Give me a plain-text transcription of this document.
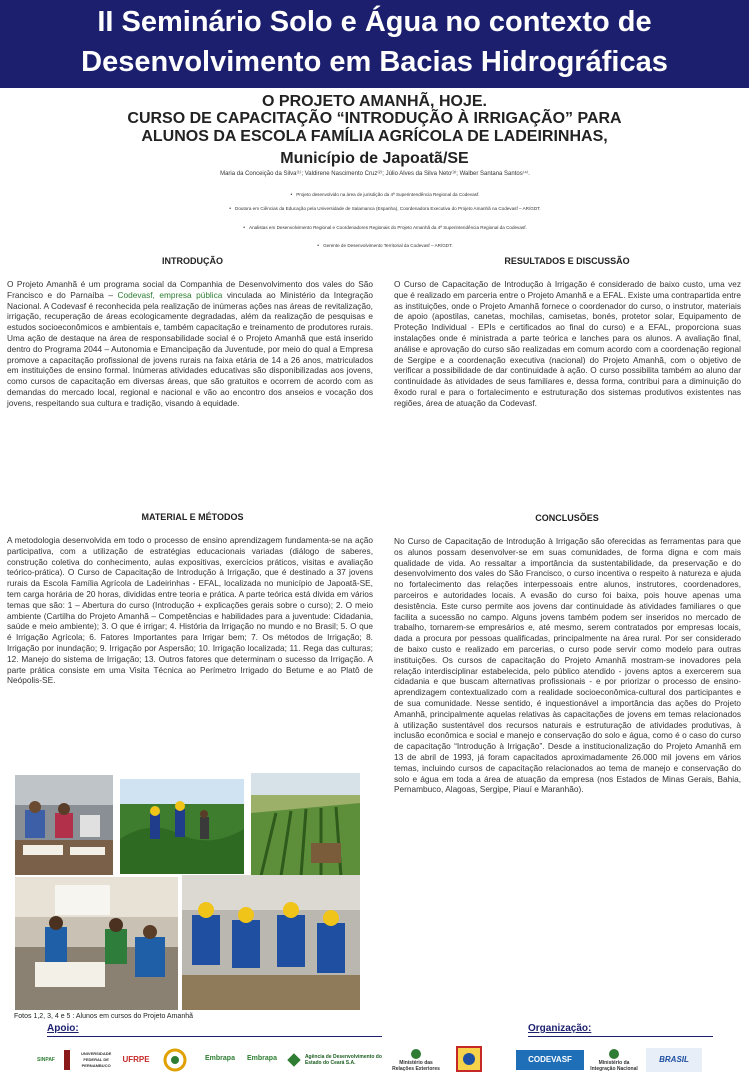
II Seminário Solo e Água no contexto de
Desenvolvimento em Bacias Hidrográficas
O PROJETO AMANHÃ, HOJE.
CURSO DE CAPACITAÇÃO “INTRODUÇÃO À IRRIGAÇÃO” PARA
ALUNOS DA ESCOLA FAMÍLIA AGRÍCOLA DE LADEIRINHAS,
Município de Japoatã/SE
Maria da Conceição da Silva⁽¹⁾; Valdirene Nascimento Cruz⁽²⁾; Júlio Alves da Silva Neto⁽³⁾; Walber Santana Santos⁽⁴⁾.
• Projeto desenvolvido na área de jurisdição da 4ª Superintendência Regional da Codevasf.
• Doutora em Ciências da Educação pela Universidade de Salamanca (Espanha), Coordenadora Executiva do Projeto Amanhã na Codevasf – AR/GDT.
• Analistas em Desenvolvimento Regional e Coordenadores Regionais do Projeto Amanhã da 4ª Superintendência Regional da Codevasf.
• Gerente de Desenvolvimento Territorial da Codevasf – AR/GDT.
INTRODUÇÃO

O Projeto Amanhã é um programa social da Companhia de Desenvolvimento dos vales do São Francisco e do Parnaíba – Codevasf, empresa pública vinculada ao Ministério da Integração Nacional. A Codevasf é reconhecida pela realização de inúmeras ações nas áreas de revitalização, irrigação, recuperação de áreas ecologicamente degradadas, além da realização de pesquisas e estudos socioeconômicos e ambientais e, também capacitação e treinamento de produtores rurais. Uma ação de destaque na área de responsabilidade social é o Projeto Amanhã que está inserido dentro do Programa 2044 – Autonomia e Emancipação da Juventude, por meio do qual a Empresa promove a capacitação profissional de jovens rurais na faixa etária de 14 a 26 anos, matriculados em instituições de ensino formal. Inúmeras atividades educativas são disponibilizadas aos jovens, como cursos de capacitação em diversas áreas, que são gratuitos e ocorrem de acordo com as demandas do mercado local, regional e nacional e vão ao encontro dos anseios e vocação dos jovens, respeitando sua cultura e tradição, visando à equidade.

RESULTADOS E DISCUSSÃO

O Curso de Capacitação de Introdução à Irrigação é considerado de baixo custo, uma vez que é realizado em parceria entre o Projeto Amanhã e a EFAL. Existe uma contrapartida entre as instituições, onde o Projeto Amanhã fornece o coordenador do curso, o instrutor, materiais de apoio (apostilas, canetas, mochilas, camisetas, bonés, protetor solar, Equipamento de Proteção Individual - EPIs e certificados ao final do curso) e a EFAL, proporciona suas instalações onde é ministrada a parte teórica e lanches para os alunos. A avaliação final, análise e aprovação do curso são realizadas em comum acordo com a coordenação regional de Sergipe e a coordenação executiva (nacional) do Projeto Amanhã, com o objetivo de verificar a possibilidade de dar continuidade à ação. O curso possibilita também ao aluno dar continuidade às atividades de seus familiares e, dessa forma, contribui para a diminuição do êxodo rural e para o fortalecimento e estruturação dos sistemas produtivos existentes nas regiões, área de atuação da Codevasf.

MATERIAL E MÉTODOS

A metodologia desenvolvida em todo o processo de ensino aprendizagem fundamenta-se na ação participativa, com a utilização de estratégias educacionais variadas (diálogo de saberes, construção coletiva do conhecimento, aulas expositivas, exercícios práticos, visitas e avaliação teórico-prática). O Curso de Capacitação de Introdução à Irrigação, que é destinado a 37 jovens rurais da Escola Família Agrícola de Ladeirinhas - EFAL, localizada no município de Japoatã-SE, tem carga horária de 20 horas, divididas entre teoria e prática. A parte teórica está divida em vários temas que são: 1 – Abertura do curso (Introdução + explicações gerais sobre o curso); 2. O meio ambiente (Cartilha do Projeto Amanhã – Competências e habilidades para a juventude: Cidadania, saúde e meio ambiente); 3. O que é irrigar; 4. História da Irrigação no mundo e no Brasil; 5. O que é Irrigação Agrícola; 6. Fatores Importantes para Irrigar bem; 7. Os métodos de Irrigação; 8. Irrigação por inundação; 9. Irrigação por Aspersão; 10. Irrigação localizada; 11. Rega das culturas; 12. Manejo do sistema de Irrigação; 13. Outros fatores que determinam o sucesso da Irrigação. A parte prática consiste em uma Visita Técnica ao Perímetro Irrigado do Betume e ao Platô de Neópolis-SE.

CONCLUSÕES

No Curso de Capacitação de Introdução à Irrigação são oferecidas as ferramentas para que os alunos possam desenvolver-se em suas comunidades, de forma digna e com mais qualidade de vida. Ao ressaltar a importância da sustentabilidade, da preservação e do desenvolvimento dos vales do São Francisco, o curso incentiva o respeito à natureza e ajuda no fortalecimento das relações interpessoais entre alunos, instrutores, coordenadores, parceiros e autoridades locais. A evasão do curso foi baixa, pois houve apenas uma desistência. Este curso permite aos jovens dar continuidade às atividades familiares o que facilita a sucessão no campo. Alguns jovens também podem ser inseridos no mercado de trabalho, tornarem-se empresários e, até mesmo, serem contratados por empresas locais, dada a procura por pessoas qualificadas, principalmente na área rural. Por ser considerado de baixo custo e realizado em parcerias, o curso pode servir como modelo para outras instituições. Os cursos de capacitação do Projeto Amanhã mostram-se inovadores pela relação interdisciplinar estabelecida, pelo público atendido - jovens aptos a exercerem sua cidadania e que buscam alternativas profissionais - e por priorizar o processo de ensino-aprendizagem contextualizado com a realidade socioeconômica-cultural dos participantes e de sua comunidade. Nesse sentido, é inquestionável a importância das ações do Projeto Amanhã, principalmente aquelas relativas às capacitações de jovens em temas relacionados à utilização sustentável dos recursos naturais e estruturação de atividades produtivas, à inclusão econômica e social e manejo e conservação do solo e água, como é o caso do curso de capacitação “Introdução à Irrigação”. Desde a institucionalização do Projeto Amanhã em 13 de abril de 1993, já foram capacitados aproximadamente 26.000 mil jovens em vários temas, incluindo cursos de capacitação relacionados ao tema de manejo e conservação do solo e água em toda a área de atuação da empresa (nos Estados de Minas Gerais, Bahia, Pernambuco, Alagoas, Sergipe, Piauí e Maranhão).

Fotos 1,2, 3, 4 e 5 : Alunos em cursos do Projeto Amanhã
Apoio:	Organização:
SINPAF
UNIVERSIDADE FEDERAL DE PERNAMBUCO
UFRPE	Embrapa Embrapa	Agência de Desenvolvimento do Estado do Ceará S.A.	Ministério das Relações Exteriores
CODEVASF	Ministério da Integração Nacional
BRASIL
